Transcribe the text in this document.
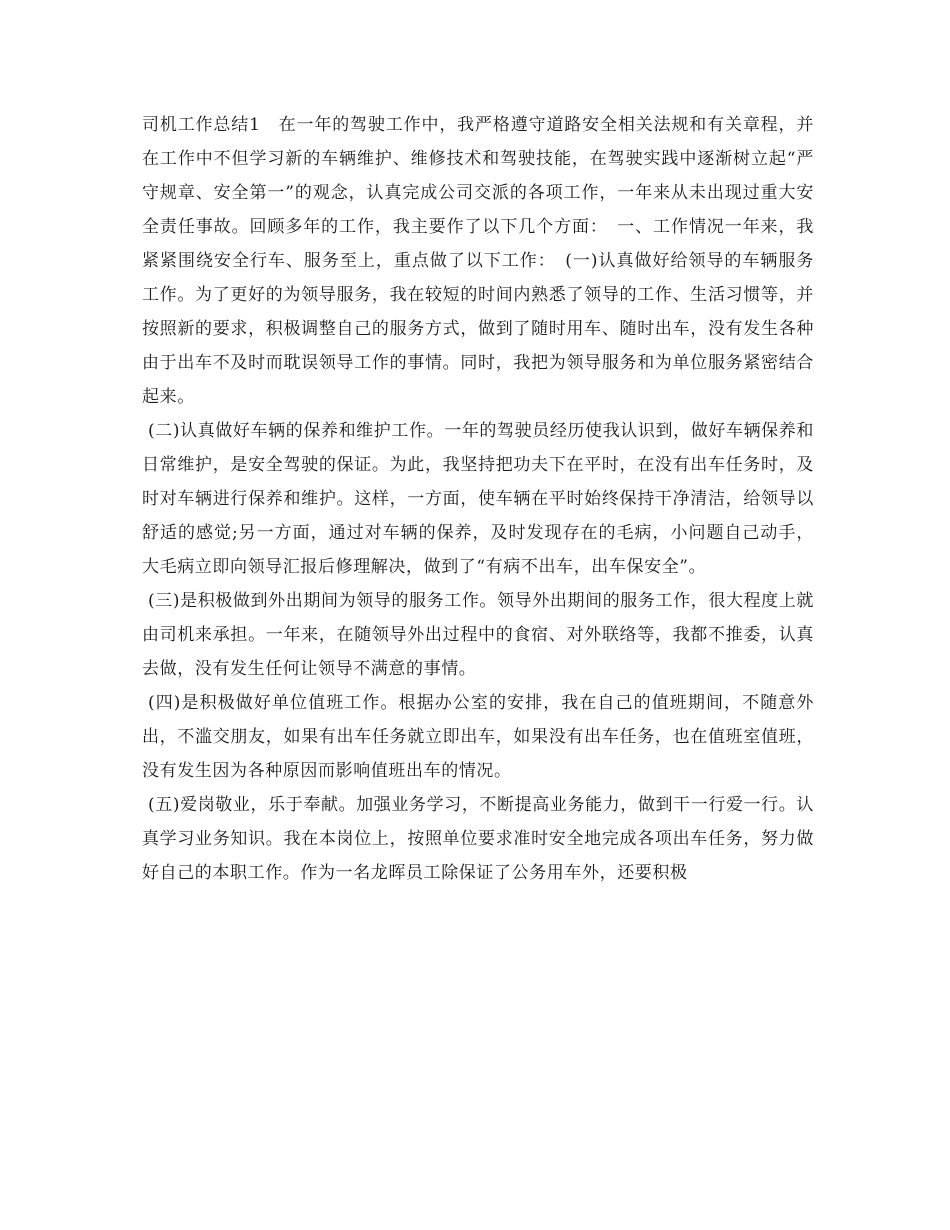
司机工作总结1　在一年的驾驶工作中，我严格遵守道路安全相关法规和有关章程，并在工作中不但学习新的车辆维护、维修技术和驾驶技能，在驾驶实践中逐渐树立起“严守规章、安全第一”的观念，认真完成公司交派的各项工作，一年来从未出现过重大安全责任事故。回顾多年的工作，我主要作了以下几个方面：　一、工作情况一年来，我紧紧围绕安全行车、服务至上，重点做了以下工作：　(一)认真做好给领导的车辆服务工作。为了更好的为领导服务，我在较短的时间内熟悉了领导的工作、生活习惯等，并按照新的要求，积极调整自己的服务方式，做到了随时用车、随时出车，没有发生各种由于出车不及时而耽误领导工作的事情。同时，我把为领导服务和为单位服务紧密结合起来。

(二)认真做好车辆的保养和维护工作。一年的驾驶员经历使我认识到，做好车辆保养和日常维护，是安全驾驶的保证。为此，我坚持把功夫下在平时，在没有出车任务时，及时对车辆进行保养和维护。这样，一方面，使车辆在平时始终保持干净清洁，给领导以舒适的感觉;另一方面，通过对车辆的保养，及时发现存在的毛病，小问题自己动手，大毛病立即向领导汇报后修理解决，做到了“有病不出车，出车保安全”。

(三)是积极做到外出期间为领导的服务工作。领导外出期间的服务工作，很大程度上就由司机来承担。一年来，在随领导外出过程中的食宿、对外联络等，我都不推委，认真去做，没有发生任何让领导不满意的事情。

(四)是积极做好单位值班工作。根据办公室的安排，我在自己的值班期间，不随意外出，不滥交朋友，如果有出车任务就立即出车，如果没有出车任务，也在值班室值班，没有发生因为各种原因而影响值班出车的情况。

(五)爱岗敬业，乐于奉献。加强业务学习，不断提高业务能力，做到干一行爱一行。认真学习业务知识。我在本岗位上，按照单位要求准时安全地完成各项出车任务，努力做好自己的本职工作。作为一名龙晖员工除保证了公务用车外，还要积极
